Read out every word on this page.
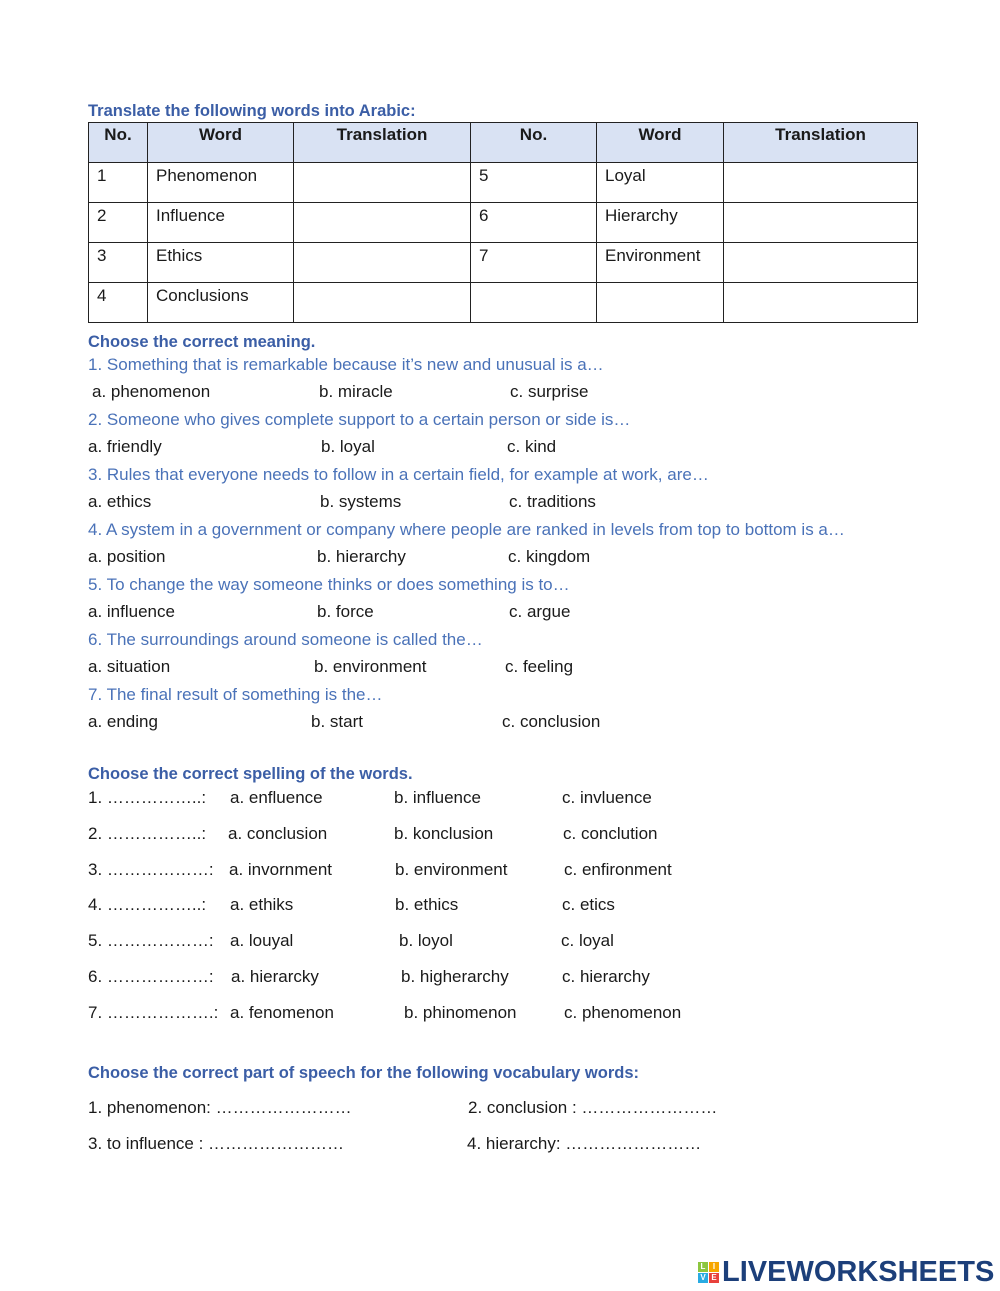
Translate the following words into Arabic:
No.	Word	Translation	No.	Word	Translation
1	Phenomenon		5	Loyal	
2	Influence		6	Hierarchy	
3	Ethics		7	Environment	
4	Conclusions				
Choose the correct meaning.
1. Something that is remarkable because it’s new and unusual is a…
a. phenomenon	b. miracle	c. surprise
2. Someone who gives complete support to a certain person or side is…
a. friendly	b. loyal	c. kind
3. Rules that everyone needs to follow in a certain field, for example at work, are…
a. ethics	b. systems	c. traditions
4. A system in a government or company where people are ranked in levels from top to bottom is a…
a. position	b. hierarchy	c. kingdom
5. To change the way someone thinks or does something is to…
a. influence	b. force	c. argue
6. The surroundings around someone is called the…
a. situation	b. environment	c. feeling
7. The final result of something is the…
a. ending	b. start	c. conclusion
Choose the correct spelling of the words.
1. ……………..: a. enfluence	b. influence	c. invluence
2. ……………..: a. conclusion	b. konclusion	c. conclution
3. ………………: a. invornment	b. environment	c. enfironment
4. ……………..: a. ethiks	b. ethics	c. etics
5. ………………: a. louyal	b. loyol	c. loyal
6. ………………: a. hierarcky	b. higherarchy	c. hierarchy
7. ……………….: a. fenomenon	b. phinomenon	c. phenomenon
Choose the correct part of speech for the following vocabulary words:
1. phenomenon: ……………………	2. conclusion : ……………………
3. to influence : ……………………	4. hierarchy: ……………………
L I
V E LIVEWORKSHEETS
